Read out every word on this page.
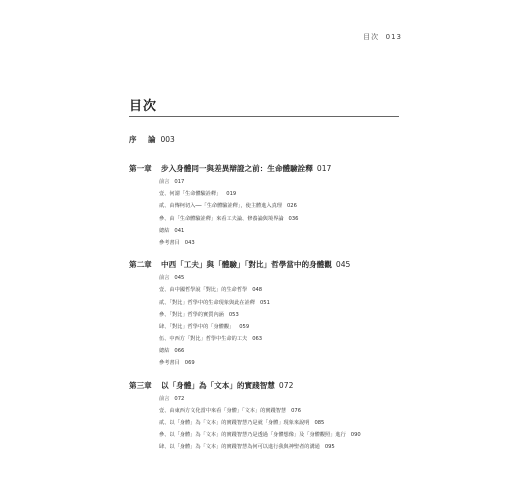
目次 013
目次
序　論 003
第一章 步入身體同一與差異辯證之前：生命體驗詮釋 017
前言 017
壹、何謂「生命體驗詮釋」 019
貳、由傳柯切入──「生命體驗詮釋」，使主體進入真理 026
參、由「生命體驗詮釋」來看工夫論、修養論與境界論 036
總結 041
參考書目 043
第二章 中西「工夫」與「體驗」「對比」哲學當中的身體觀 045
前言 045
壹、由中國哲學說「對比」的生命哲學 048
貳、「對比」哲學中的生命現象與此在詮釋 051
參、「對比」哲學的實質內涵 053
肆、「對比」哲學中的「身體觀」 059
伍、中西方「對比」哲學中生命的工夫 063
總結 066
參考書目 069
第三章 以「身體」為「文本」的實踐智慧 072
前言 072
壹、由東西方文化當中來看「身體」「文本」的實踐智慧 076
貳、以「身體」為「文本」的實踐智慧乃是就「身體」現象來說明 085
參、以「身體」為「文本」的實踐智慧乃是透過「身體想像」及「身體觀照」進行 090
肆、以「身體」為「文本」的實踐智慧為何可以進行我與神聖者的溝通 095
